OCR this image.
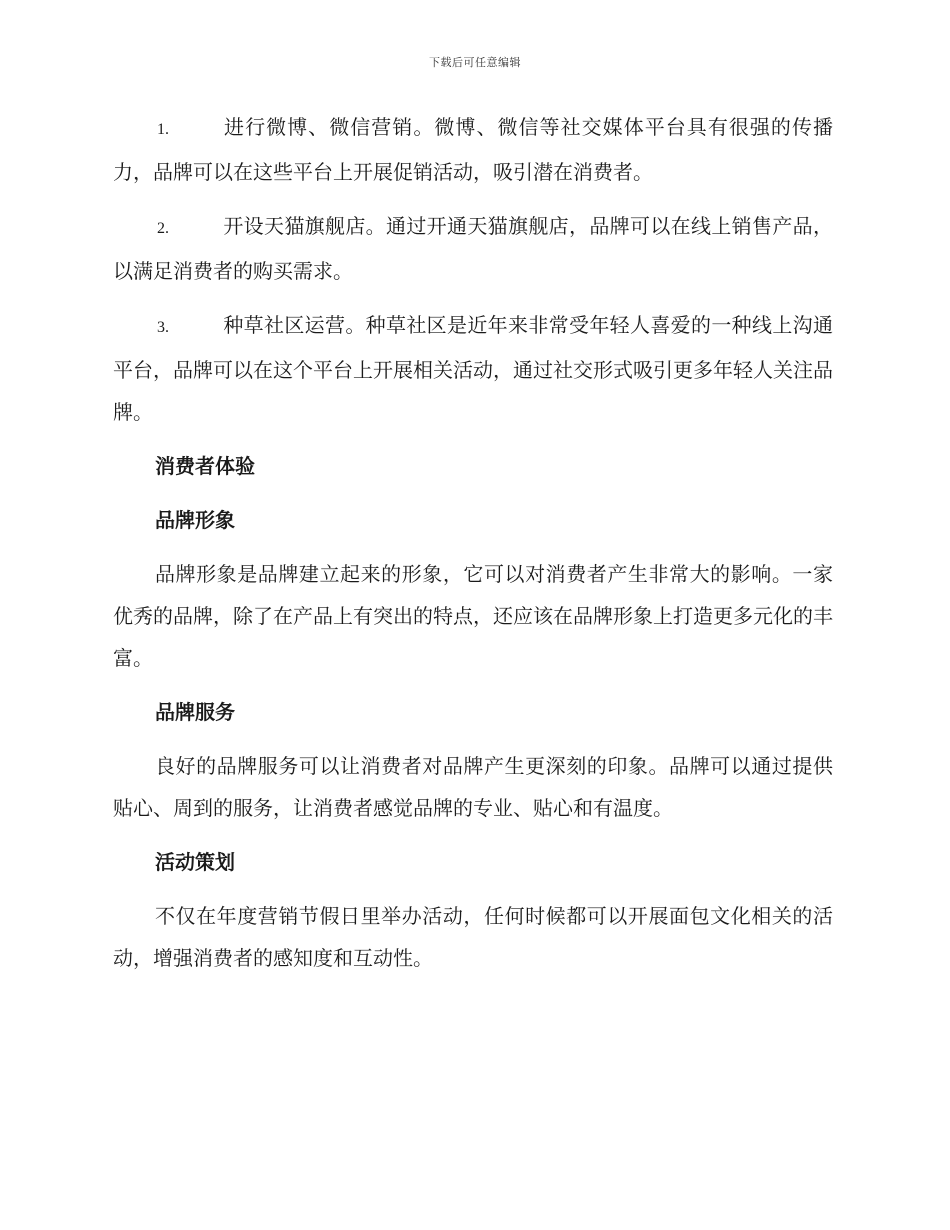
下载后可任意编辑

1.	进行微博、微信营销。微博、微信等社交媒体平台具有很强的传播力，品牌可以在这些平台上开展促销活动，吸引潜在消费者。

2.	开设天猫旗舰店。通过开通天猫旗舰店，品牌可以在线上销售产品，以满足消费者的购买需求。

3.	种草社区运营。种草社区是近年来非常受年轻人喜爱的一种线上沟通平台，品牌可以在这个平台上开展相关活动，通过社交形式吸引更多年轻人关注品牌。

消费者体验
品牌形象

品牌形象是品牌建立起来的形象，它可以对消费者产生非常大的影响。一家优秀的品牌，除了在产品上有突出的特点，还应该在品牌形象上打造更多元化的丰富。

品牌服务

良好的品牌服务可以让消费者对品牌产生更深刻的印象。品牌可以通过提供贴心、周到的服务，让消费者感觉品牌的专业、贴心和有温度。

活动策划

不仅在年度营销节假日里举办活动，任何时候都可以开展面包文化相关的活动，增强消费者的感知度和互动性。
